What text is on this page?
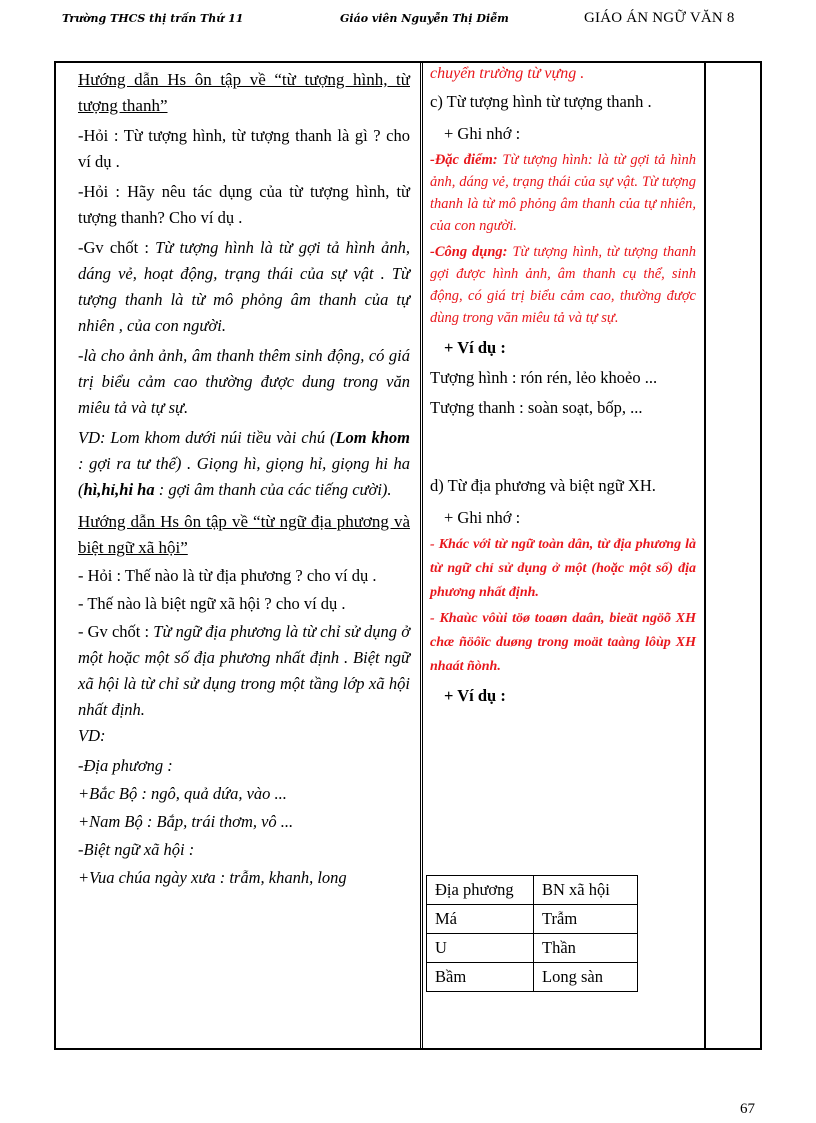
Trường THCS thị trấn Thứ 11	Giáo viên Nguyễn Thị Diễm	GIÁO ÁN NGỮ VĂN 8

Hướng dẫn Hs ôn tập về “từ tượng hình, từ tượng thanh”

-Hỏi : Từ tượng hình, từ tượng thanh là gì ? cho ví dụ .

-Hỏi : Hãy nêu tác dụng của từ tượng hình, từ tượng thanh? Cho ví dụ .

-Gv chốt : Từ tượng hình là từ gợi tả hình ảnh, dáng vẻ, hoạt động, trạng thái của sự vật . Từ tượng thanh là từ mô phỏng âm thanh của tự nhiên , của con người.

-là cho ảnh ảnh, âm thanh thêm sinh động, có giá trị biểu cảm cao thường được dung trong văn miêu tả và tự sự.

VD: Lom khom dưới núi tiều vài chú (Lom khom : gợi ra tư thế) . Giọng hì, giọng hỉ, giọng hi ha (hì,hỉ,hi ha : gợi âm thanh của các tiếng cười).

Hướng dẫn Hs ôn tập về “từ ngữ địa phương và biệt ngữ xã hội”

- Hỏi : Thế nào là từ địa phương ? cho ví dụ .

- Thế nào là biệt ngữ xã hội ? cho ví dụ .

- Gv chốt : Từ ngữ địa phương là từ chỉ sử dụng ở một hoặc một số địa phương nhất định . Biệt ngữ xã hội là từ chỉ sử dụng trong một tầng lớp xã hội nhất định.

VD:

-Địa phương :

+Bắc Bộ : ngô, quả dứa, vào ...

+Nam Bộ : Bắp, trái thơm, vô ...

-Biệt ngữ xã hội :

+Vua chúa ngày xưa : trẫm, khanh, long

chuyển trường từ vựng .

c) Từ tượng hình từ tượng thanh .

+ Ghi nhớ :

-Đặc điểm: Từ tượng hình: là từ gợi tả hình ảnh, dáng vẻ, trạng thái của sự vật. Từ tượng thanh là từ mô phỏng âm thanh của tự nhiên, của con người.

-Công dụng: Từ tượng hình, từ tượng thanh gợi được hình ảnh, âm thanh cụ thể, sinh động, có giá trị biểu cảm cao, thường được dùng trong văn miêu tả và tự sự.

+ Ví dụ :

Tượng hình : rón rén, lẻo khoẻo ...

Tượng thanh : soàn soạt, bốp, ...

d) Từ địa phương và biệt ngữ XH.

+ Ghi nhớ :

- Khác với từ ngữ toàn dân, từ địa phương là từ ngữ chỉ sử dụng ở một (hoặc một số) địa phương nhất định.

- Khaùc vôùi töø toaøn daân, bieät ngöõ XH chæ ñöôïc duøng trong moät taàng lôùp XH nhaát ñònh.

+ Ví dụ :

Địa phương	BN xã hội
Má	Trẫm
U	Thần
Bầm	Long sàn
67
